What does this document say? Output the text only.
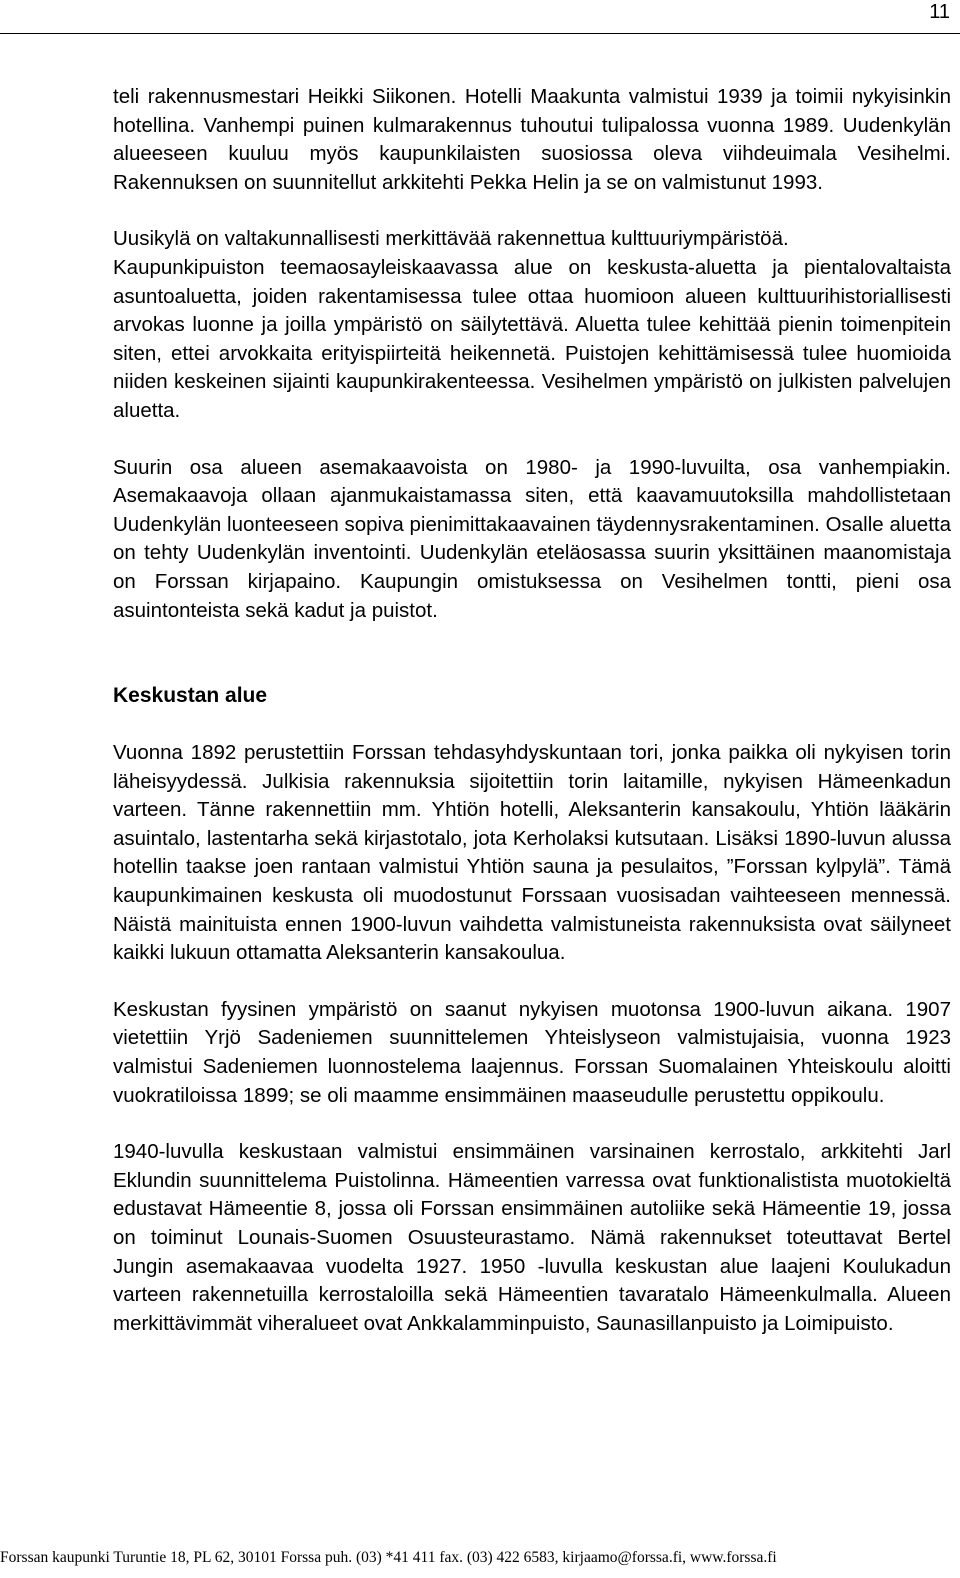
11

teli rakennusmestari Heikki Siikonen. Hotelli Maakunta valmistui 1939 ja toimii nykyisinkin hotellina. Vanhempi puinen kulmarakennus tuhoutui tulipalossa vuonna 1989. Uudenkylän alueeseen kuuluu myös kaupunkilaisten suosiossa oleva viihdeuimala Vesihelmi. Rakennuksen on suunnitellut arkkitehti Pekka Helin ja se on valmistunut 1993.

Uusikylä on valtakunnallisesti merkittävää rakennettua kulttuuriympäristöä.

Kaupunkipuiston teemaosayleiskaavassa alue on keskusta-aluetta ja pientalovaltaista asuntoaluetta, joiden rakentamisessa tulee ottaa huomioon alueen kulttuurihistoriallisesti arvokas luonne ja joilla ympäristö on säilytettävä. Aluetta tulee kehittää pienin toimenpitein siten, ettei arvokkaita erityispiirteitä heikennetä. Puistojen kehittämisessä tulee huomioida niiden keskeinen sijainti kaupunkirakenteessa. Vesihelmen ympäristö on julkisten palvelujen aluetta.

Suurin osa alueen asemakaavoista on 1980- ja 1990-luvuilta, osa vanhempiakin. Asemakaavoja ollaan ajanmukaistamassa siten, että kaavamuutoksilla mahdollistetaan Uudenkylän luonteeseen sopiva pienimittakaavainen täydennysrakentaminen. Osalle aluetta on tehty Uudenkylän inventointi. Uudenkylän eteläosassa suurin yksittäinen maanomistaja on Forssan kirjapaino. Kaupungin omistuksessa on Vesihelmen tontti, pieni osa asuintonteista sekä kadut ja puistot.

Keskustan alue

Vuonna 1892 perustettiin Forssan tehdasyhdyskuntaan tori, jonka paikka oli nykyisen torin läheisyydessä. Julkisia rakennuksia sijoitettiin torin laitamille, nykyisen Hämeenkadun varteen. Tänne rakennettiin mm. Yhtiön hotelli, Aleksanterin kansakoulu, Yhtiön lääkärin asuintalo, lastentarha sekä kirjastotalo, jota Kerholaksi kutsutaan. Lisäksi 1890-luvun alussa hotellin taakse joen rantaan valmistui Yhtiön sauna ja pesulaitos, ”Forssan kylpylä”. Tämä kaupunkimainen keskusta oli muodostunut Forssaan vuosisadan vaihteeseen mennessä. Näistä mainituista ennen 1900-luvun vaihdetta valmistuneista rakennuksista ovat säilyneet kaikki lukuun ottamatta Aleksanterin kansakoulua.

Keskustan fyysinen ympäristö on saanut nykyisen muotonsa 1900-luvun aikana. 1907 vietettiin Yrjö Sadeniemen suunnittelemen Yhteislyseon valmistujaisia, vuonna 1923 valmistui Sadeniemen luonnostelema laajennus. Forssan Suomalainen Yhteiskoulu aloitti vuokratiloissa 1899; se oli maamme ensimmäinen maaseudulle perustettu oppikoulu.

1940-luvulla keskustaan valmistui ensimmäinen varsinainen kerrostalo, arkkitehti Jarl Eklundin suunnittelema Puistolinna. Hämeentien varressa ovat funktionalistista muotokieltä edustavat Hämeentie 8, jossa oli Forssan ensimmäinen autoliike sekä Hämeentie 19, jossa on toiminut Lounais-Suomen Osuusteurastamo. Nämä rakennukset toteuttavat Bertel Jungin asemakaavaa vuodelta 1927. 1950 -luvulla keskustan alue laajeni Koulukadun varteen rakennetuilla kerrostaloilla sekä Hämeentien tavaratalo Hämeenkulmalla. Alueen merkittävimmät viheralueet ovat Ankkalamminpuisto, Saunasillanpuisto ja Loimipuisto.

Forssan kaupunki Turuntie 18, PL 62, 30101 Forssa puh. (03) *41 411 fax. (03) 422 6583, kirjaamo@forssa.fi, www.forssa.fi
